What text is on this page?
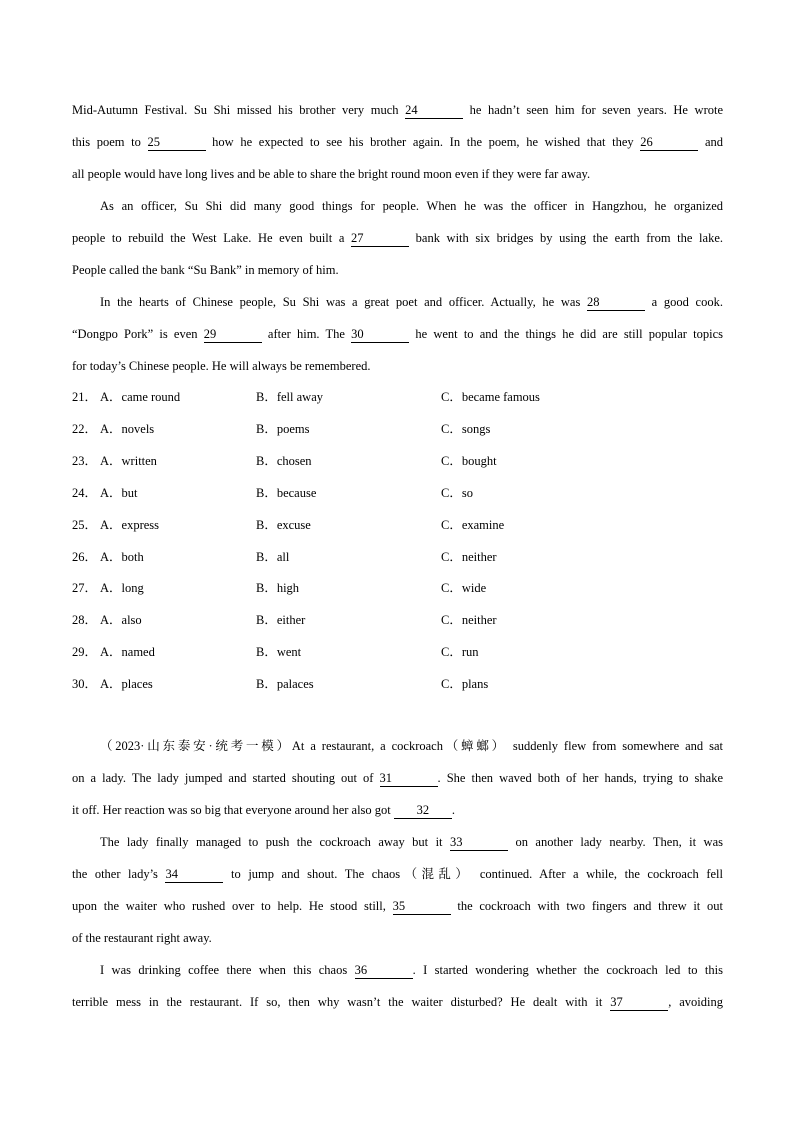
Mid-Autumn Festival. Su Shi missed his brother very much 24	he hadn’t seen him for seven years. He wrote
this poem to 25	how he expected to see his brother again. In the poem, he wished that they 26	and
all people would have long lives and be able to share the bright round moon even if they were far away.
As an officer, Su Shi did many good things for people. When he was the officer in Hangzhou, he organized
people to rebuild the West Lake. He even built a 27	bank with six bridges by using the earth from the lake.
People called the bank “Su Bank” in memory of him.
In the hearts of Chinese people, Su Shi was a great poet and officer. Actually, he was 28	a good cook.
“Dongpo Pork” is even 29	after him. The 30	he went to and the things he did are still popular topics
for today’s Chinese people. He will always be remembered.
21． A．came round	B．fell away	C．became famous
22． A．novels	B．poems	C．songs
23． A．written	B．chosen	C．bought
24． A．but	B．because	C．so
25． A．express	B．excuse	C．examine
26． A．both	B．all	C．neither
27． A．long	B．high	C．wide
28． A．also	B．either	C．neither
29． A．named	B．went	C．run
30． A．places	B．palaces	C．plans
（2023·山东泰安·统考一模）At a restaurant, a cockroach（蟑螂） suddenly flew from somewhere and sat
on a lady. The lady jumped and started shouting out of 31	. She then waved both of her hands, trying to shake
it off. Her reaction was so big that everyone around her also got 32 .
The lady finally managed to push the cockroach away but it 33	on another lady nearby. Then, it was
the other lady’s 34	to jump and shout. The chaos（混乱） continued. After a while, the cockroach fell
upon the waiter who rushed over to help. He stood still, 35	the cockroach with two fingers and threw it out
of the restaurant right away.
I was drinking coffee there when this chaos 36	. I started wondering whether the cockroach led to this
terrible mess in the restaurant. If so, then why wasn’t the waiter disturbed? He dealt with it 37	, avoiding
